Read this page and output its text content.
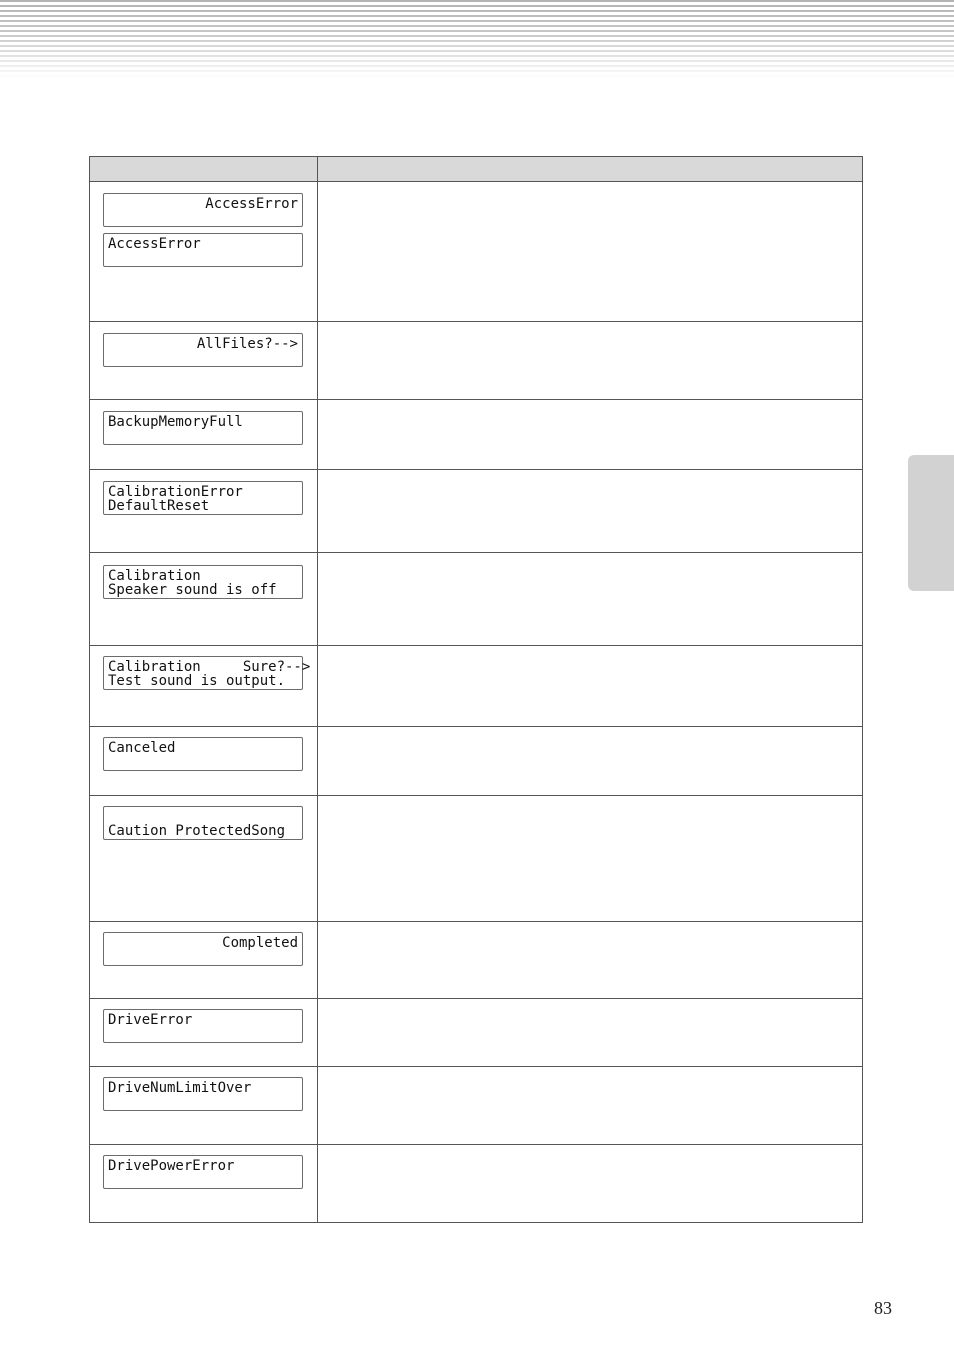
AccessError
AccessError	

AllFiles?-->	

BackupMemoryFull	

CalibrationError
DefaultReset	

Calibration
Speaker sound is off	

Calibration     Sure?-->
Test sound is output.	

Canceled	

Caution ProtectedSong	

Completed	

DriveError	

DriveNumLimitOver	

DrivePowerError	

83
